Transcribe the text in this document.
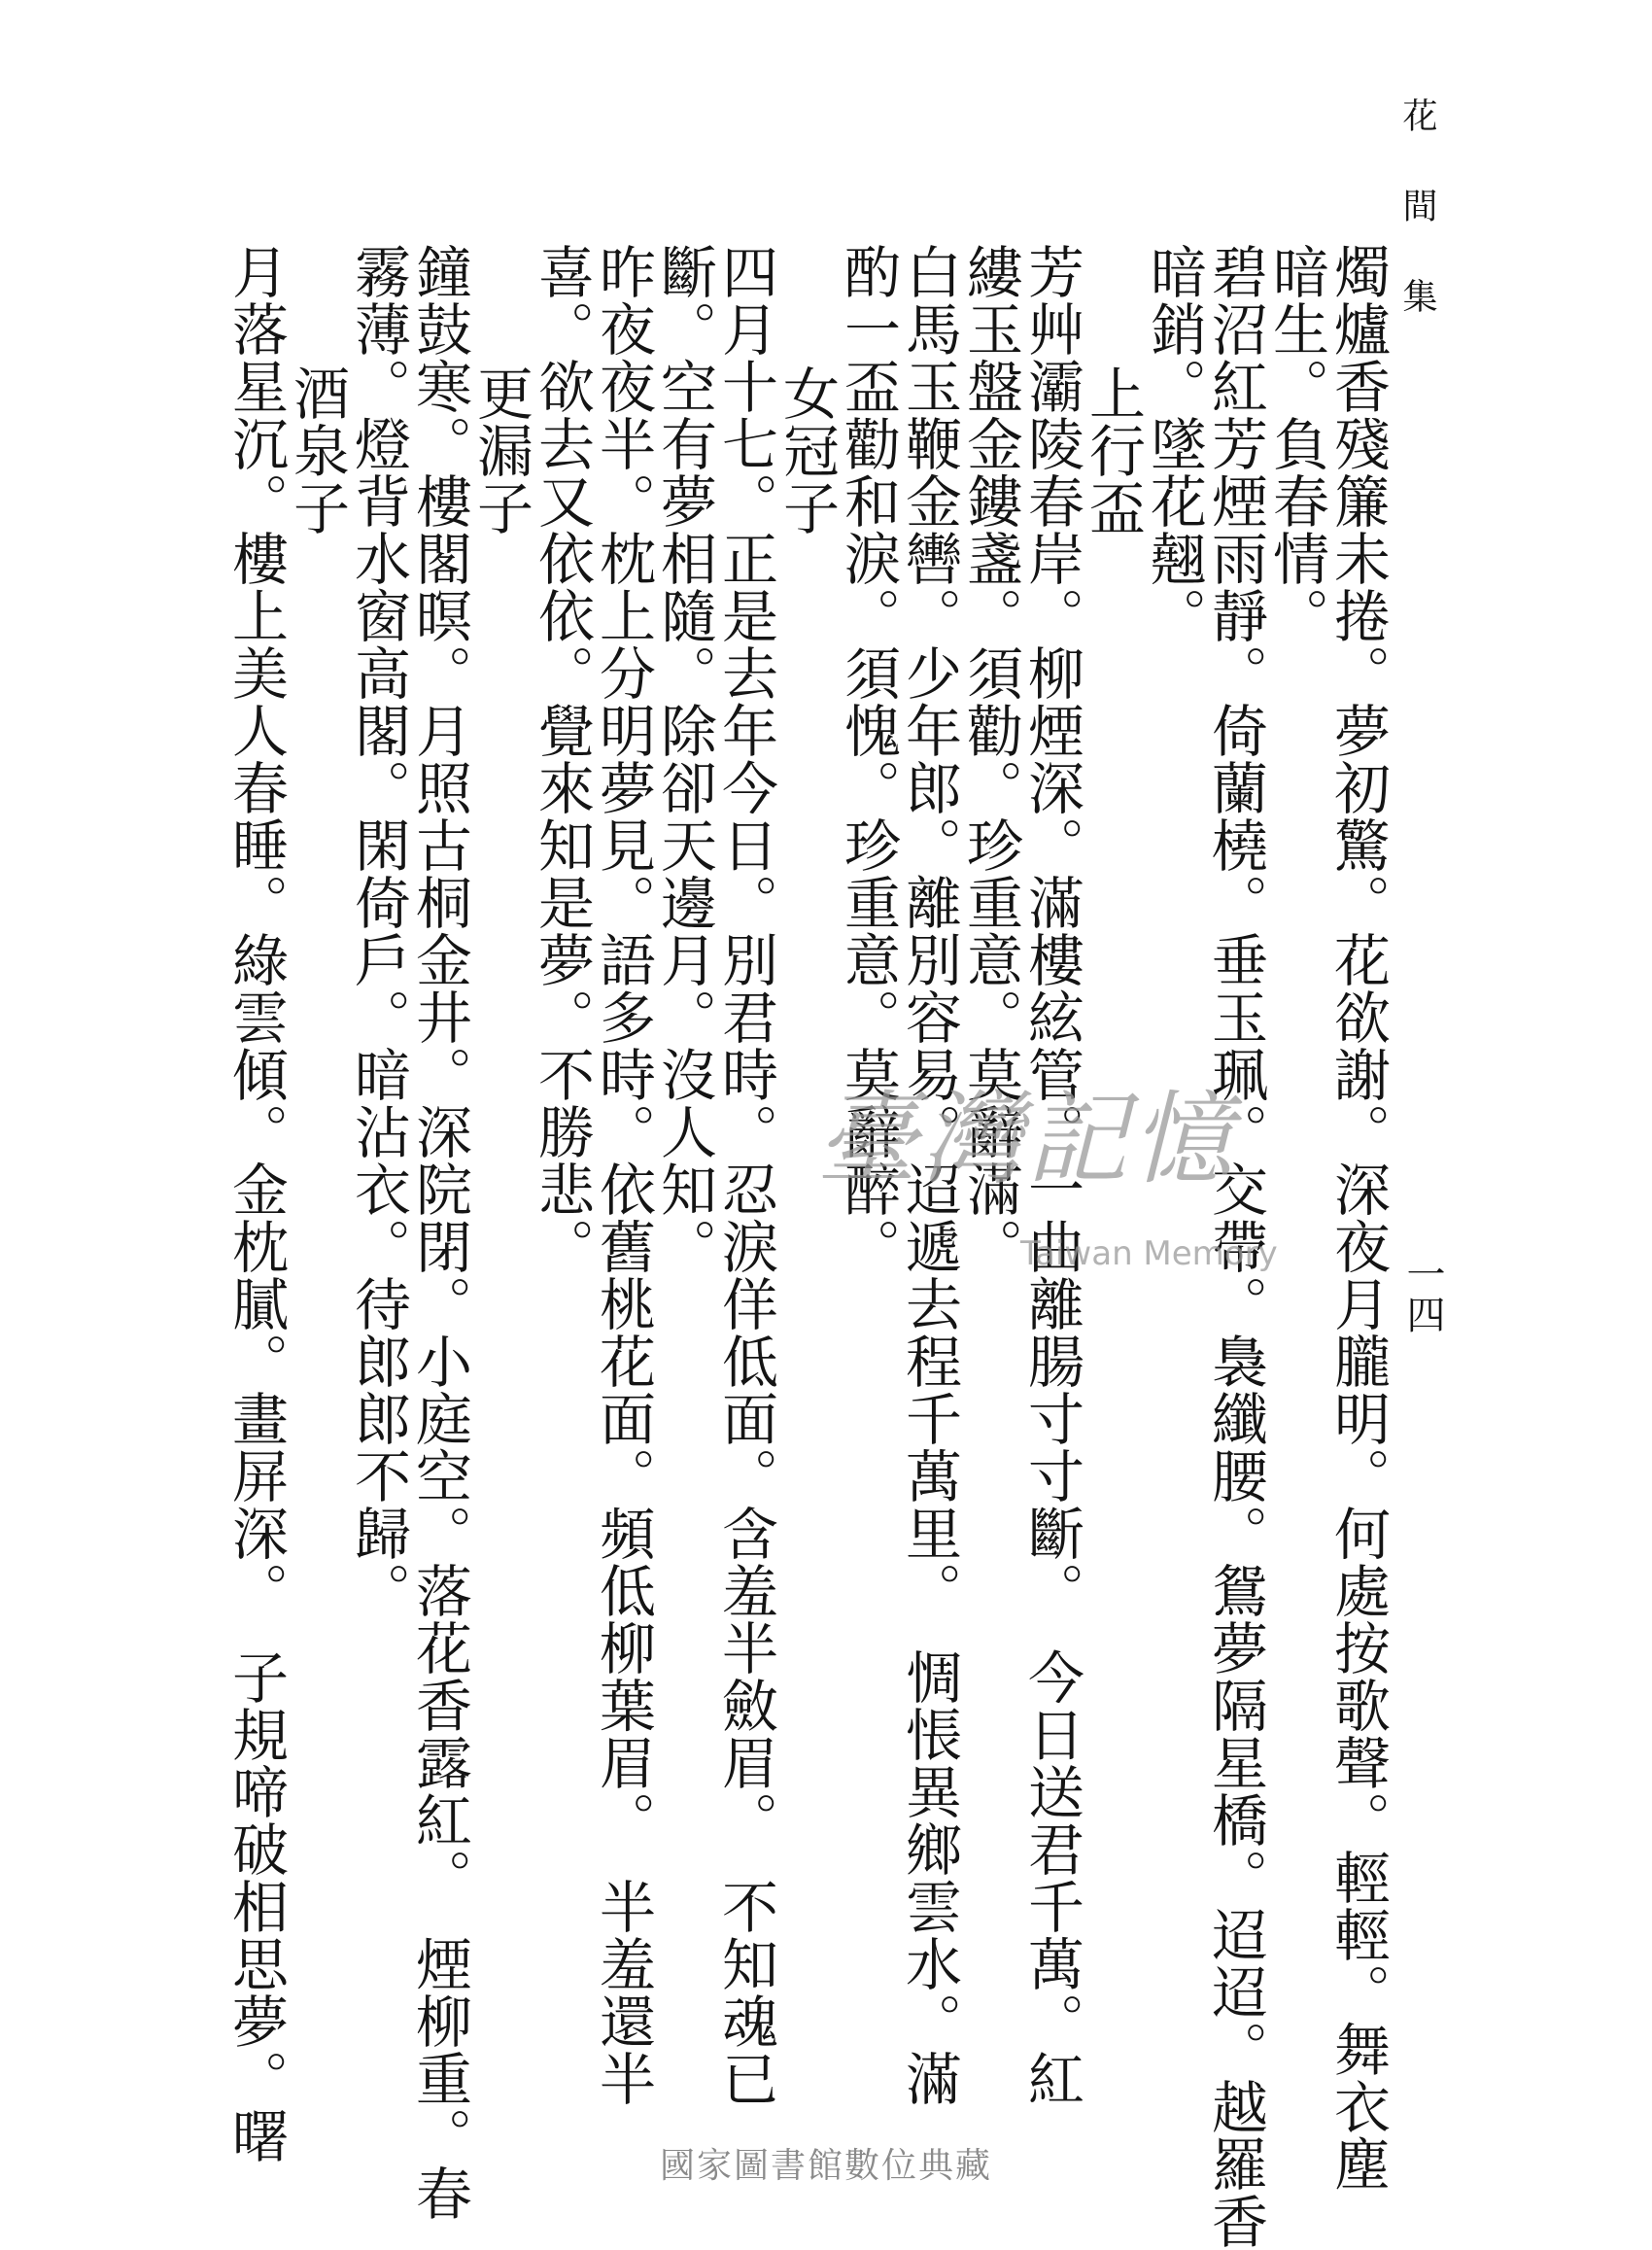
花 間 集
一四
燭爐香殘簾未捲。夢初驚。花欲謝。深夜月朧明。何處按歌聲。輕輕。舞衣塵
暗生。負春情。
碧沼紅芳煙雨靜。倚蘭橈。垂玉珮。交帶。裊纖腰。鴛夢隔星橋。迢迢。越羅香
暗銷。墜花翹。
上行盃
芳艸灞陵春岸。柳煙深。滿樓絃管。一曲離腸寸寸斷。　今日送君千萬。紅
縷玉盤金鏤盞。須勸。珍重意。莫辭滿。
白馬玉鞭金轡。少年郎。離別容易。迢遞去程千萬里。　惆悵異鄉雲水。滿
酌一盃勸和淚。須愧。珍重意。莫辭醉。
女冠子
四月十七。正是去年今日。別君時。忍淚佯低面。含羞半斂眉。　不知魂已
斷。空有夢相隨。除卻天邊月。沒人知。
昨夜夜半。枕上分明夢見。語多時。依舊桃花面。頻低柳葉眉。　半羞還半
喜。欲去又依依。覺來知是夢。不勝悲。
更漏子
鐘鼓寒。樓閣暝。月照古桐金井。深院閉。小庭空。落花香露紅。　煙柳重。春
霧薄。燈背水窗高閣。閑倚戶。暗沾衣。待郎郎不歸。
酒泉子
月落星沉。樓上美人春睡。綠雲傾。金枕膩。畫屏深。　子規啼破相思夢。曙	臺灣記憶
Taiwan Memory
國家圖書館數位典藏
